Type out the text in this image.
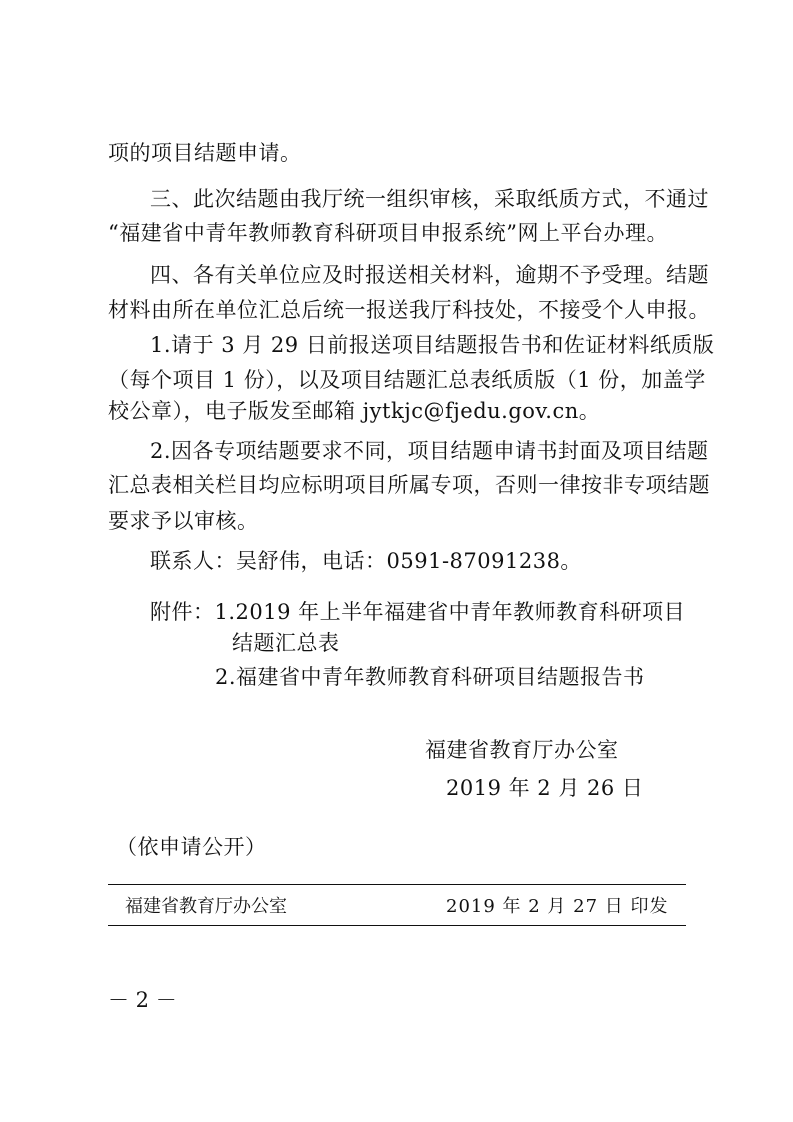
项的项目结题申请。
三、此次结题由我厅统一组织审核，采取纸质方式，不通过
“福建省中青年教师教育科研项目申报系统”网上平台办理。
四、各有关单位应及时报送相关材料，逾期不予受理。结题
材料由所在单位汇总后统一报送我厅科技处，不接受个人申报。
1.请于 3 月 29 日前报送项目结题报告书和佐证材料纸质版
（每个项目 1 份），以及项目结题汇总表纸质版（1 份，加盖学
校公章），电子版发至邮箱 jytkjc@fjedu.gov.cn。
2.因各专项结题要求不同，项目结题申请书封面及项目结题
汇总表相关栏目均应标明项目所属专项，否则一律按非专项结题
要求予以审核。
联系人：吴舒伟，电话：0591-87091238。
附件：1.2019 年上半年福建省中青年教师教育科研项目
结题汇总表
2.福建省中青年教师教育科研项目结题报告书
福建省教育厅办公室
2019 年 2 月 26 日
（依申请公开）
福建省教育厅办公室	2019 年 2 月 27 日 印发
－ 2 －
